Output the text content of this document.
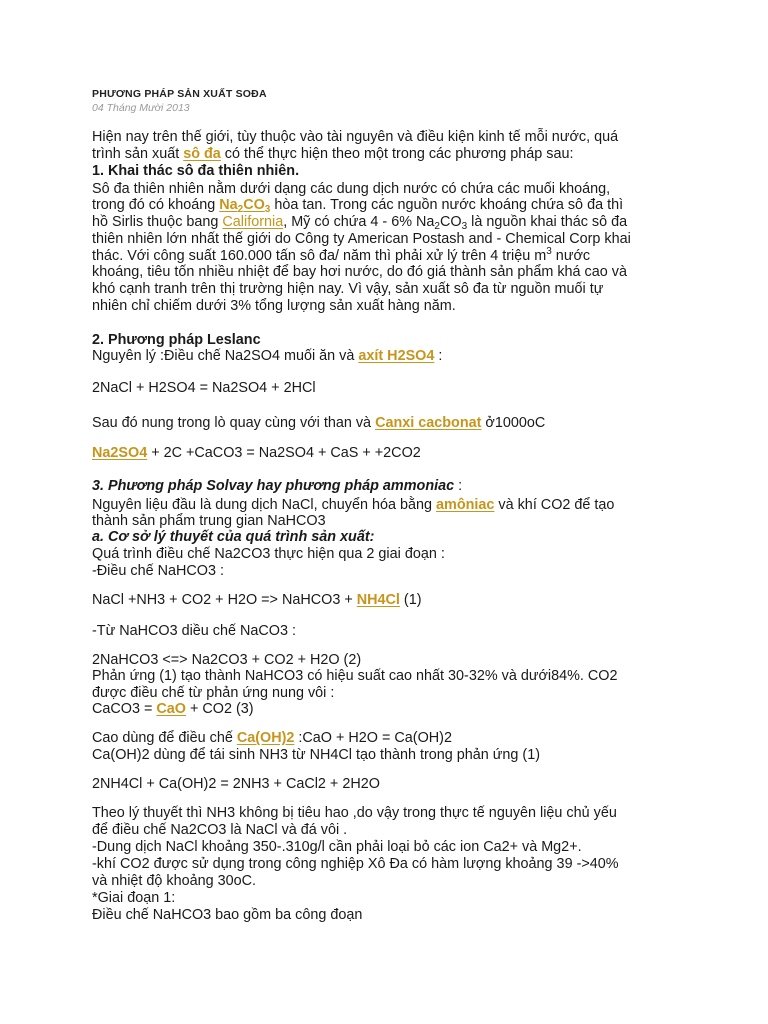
PHƯƠNG PHÁP SẢN XUẤT SOĐA
04 Tháng Mười 2013
Hiện nay trên thế giới, tùy thuộc vào tài nguyên và điều kiện kinh tế mỗi nước, quá
trình sản xuất sô đa có thể thực hiện theo một trong các phương pháp sau:
1. Khai thác sô đa thiên nhiên.
Sô đa thiên nhiên nằm dưới dạng các dung dịch nước có chứa các muối khoáng,
trong đó có khoáng $Na_2CO_3$ hòa tan. Trong các nguồn nước khoáng chứa sô đa thì
hồ Sirlis thuộc bang California, Mỹ có chứa 4 - 6% $Na_2CO_3$ là nguồn khai thác sô đa
thiên nhiên lớn nhất thế giới do Công ty American Postash and - Chemical Corp khai
thác. Với công suất 160.000 tấn sô đa/ năm thì phải xử lý trên 4 triệu $m^3$ nước
khoáng, tiêu tốn nhiều nhiệt để bay hơi nước, do đó giá thành sản phẩm khá cao và
khó cạnh tranh trên thị trường hiện nay. Vì vậy, sản xuất sô đa từ nguồn muối tự
nhiên chỉ chiếm dưới 3% tổng lượng sản xuất hàng năm.
2. Phương pháp Leslanc
Nguyên lý :Điều chế Na2SO4 muối ăn và axít H2SO4 :
2NaCl + H2SO4 = Na2SO4 + 2HCl
Sau đó nung trong lò quay cùng với than và Canxi cacbonat ở1000oC
Na2SO4 + 2C +CaCO3 = Na2SO4 + CaS + +2CO2
3. Phương pháp Solvay hay phương pháp ammoniac :
Nguyên liệu đầu là dung dịch NaCl, chuyển hóa bằng amôniac và khí CO2 để tạo
thành sản phẩm trung gian NaHCO3
a. Cơ sở lý thuyết của quá trình sản xuất:
Quá trình điều chế Na2CO3 thực hiện qua 2 giai đoạn :
-Điều chế NaHCO3 :
NaCl +NH3 + CO2 + H2O => NaHCO3 + NH4Cl (1)
-Từ NaHCO3 diều chế NaCO3 :
2NaHCO3 <=> Na2CO3 + CO2 + H2O (2)
Phản ứng (1) tạo thành NaHCO3 có hiệu suất cao nhất 30-32% và dưới84%. CO2
được điều chế từ phản ứng nung vôi :
CaCO3 = CaO + CO2 (3)
Cao dùng để điều chế Ca(OH)2 :CaO + H2O = Ca(OH)2
Ca(OH)2 dùng để tái sinh NH3 từ NH4Cl tạo thành trong phản ứng (1)
2NH4Cl + Ca(OH)2 = 2NH3 + CaCl2 + 2H2O
Theo lý thuyết thì NH3 không bị tiêu hao ,do vậy trong thực tế nguyên liệu chủ yếu
để điều chế Na2CO3 là NaCl và đá vôi .
-Dung dịch NaCl khoảng 350-.310g/l cần phải loại bỏ các ion Ca2+ và Mg2+.
-khí CO2 được sử dụng trong công nghiệp Xô Đa có hàm lượng khoảng 39 ->40%
và nhiệt độ khoảng 30oC.
*Giai đoạn 1:
Điều chế NaHCO3 bao gồm ba công đoạn
